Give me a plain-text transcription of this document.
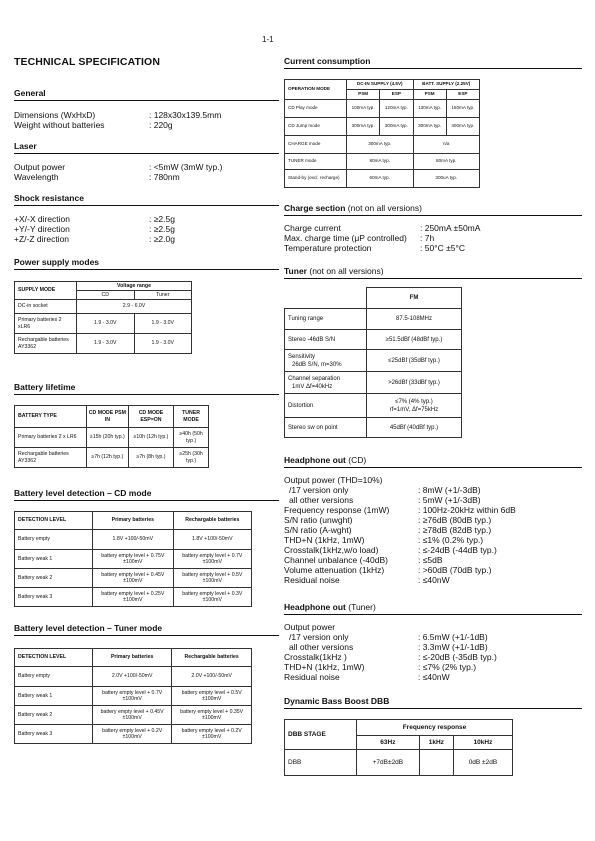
1-1
TECHNICAL SPECIFICATION
General
Dimensions (WxHxD)	: 128x30x139.5mm
Weight without batteries	: 220g
Laser
Output power	: <5mW (3mW typ.)
Wavelength	: 780nm
Shock resistance
+X/-X direction	: ≥2.5g
+Y/-Y direction	: ≥2.5g
+Z/-Z direction	: ≥2.0g
Power supply modes
SUPPLY MODE	Voltage range	
	CD	Tuner
DC-in socket	2.9 - 6.0V	
Primary batteries 2 xLR6	1.9 - 3.0V	1.9 - 3.0V
Rechargable batteries AY3362	1.9 - 3.0V	1.9 - 3.0V
Battery lifetime
BATTERY TYPE	CD MODE PSM IN	CD MODE ESP=ON	TUNER MODE
Primary batteries 2 x LR6	≥15h (20h typ.)	≥10h (12h typ.)	≥40h (50h typ.)
Rechargable batteries AY3362	≥7h (12h typ.)	≥7h (8h typ.)	≥25h (30h typ.)
Battery level detection – CD mode
DETECTION LEVEL	Primary batteries	Rechargable batteries
Battery empty	1.8V +100/-50mV	1.8V +100/-50mV
Battery weak 1	battery empty level + 0.75V ±100mV	battery empty level + 0.7V ±100mV
Battery weak 2	battery empty level + 0.45V ±100mV	battery empty level + 0.5V ±100mV
Battery weak 3	battery empty level + 0.25V ±100mV	battery empty level + 0.3V ±100mV
Battery level detection – Tuner mode
DETECTION LEVEL	Primary batteries	Rechargable batteries
Battery empty	2.0V +100/-50mV	2.0V +100/-50mV
Battery weak 1	battery empty level + 0.7V ±100mV	battery empty level + 0.5V ±100mV
Battery weak 2	battery empty level + 0.45V ±100mV	battery empty level + 0.35V ±100mV
Battery weak 3	battery empty level + 0.2V ±100mV	battery empty level + 0.2V ±100mV
Current consumption
OPERATION MODE	DC-IN SUPPLY (4.5V)		BATT. SUPPLY (2.25V)	
	PSM	ESP	PSM	ESP
CD Play mode	100mA typ.	120mA typ.	130mA typ.	150mA typ.
CD Jump mode	300mA typ.	300mA typ.	300mA typ.	400mA typ.
CHARGE mode	300mA typ.		n/a	
TUNER mode	80mA typ.		80mA typ.	
Stand-by (excl. recharge)	60mA typ.		300uA typ.	
Charge section (not on all versions)
Charge current	: 250mA ±50mA
Max. charge time (μP controlled) : 7h
Temperature protection	: 50°C ±5°C
Tuner (not on all versions)
	FM
Tuning range	87.5-108MHz
Stereo -46dB S/N	≥51.5dBf (48dBf typ.)

Sensitivity
26dB S/N, m=30%	≤25dBf (35dBf typ.)

Channel separation
1mV Δf=40kHz	>26dBf (33dBf typ.)
Distortion	≤7% (4% typ.)
rf=1mV, Δf=75kHz

Stereo sw on point	45dBf (40dBf typ.)
Headphone out (CD)
Output power (THD=10%)
/17 version only	: 8mW (+1/-3dB)
all other versions	: 5mW (+1/-3dB)
Frequency response (1mW)	: 100Hz-20kHz within 6dB
S/N ratio (unwght)	: ≥76dB (80dB typ.)
S/N ratio (A-wght)	: ≥78dB (82dB typ.)
THD+N (1kHz, 1mW)	: ≤1% (0.2% typ.)
Crosstalk(1kHz,w/o load)	: ≤-24dB (-44dB typ.)
Channel unbalance (-40dB)	: ≤5dB
Volume attenuation (1kHz)	: >60dB (70dB typ.)
Residual noise	: ≤40nW
Headphone out (Tuner)
Output power
/17 version only	: 6.5mW (+1/-1dB)
all other versions	: 3.3mW (+1/-1dB)
Crosstalk(1kHz )	: ≤-20dB (-35dB typ.)
THD+N (1kHz, 1mW)	: ≤7% (2% typ.)
Residual noise	: ≤40nW
Dynamic Bass Boost DBB
DBB STAGE	Frequency response		
	63Hz	1kHz	10kHz
DBB	+7dB±2dB		0dB ±2dB
